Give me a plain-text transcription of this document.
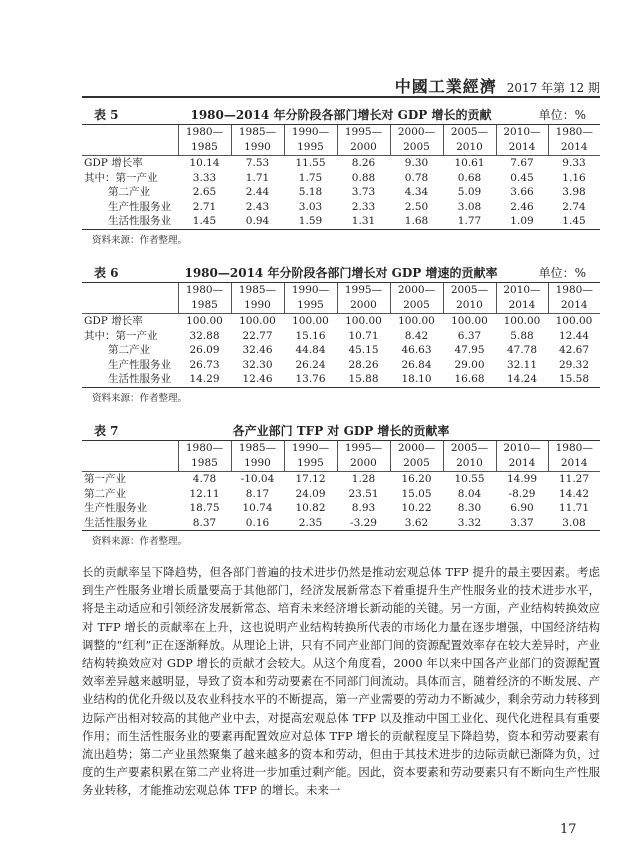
中國工業經濟 2017 年第 12 期
表 5	1980—2014 年分阶段各部门增长对 GDP 增长的贡献	单位：%
	1980—	1985—	1990—	1995—	2000—	2005—	2010—	1980—
	1985	1990	1995	2000	2005	2010	2014	2014
GDP 增长率	10.14	7.53	11.55	8.26	9.30	10.61	7.67	9.33
其中：第一产业	3.33	1.71	1.75	0.88	0.78	0.68	0.45	1.16
第二产业	2.65	2.44	5.18	3.73	4.34	5.09	3.66	3.98
生产性服务业	2.71	2.43	3.03	2.33	2.50	3.08	2.46	2.74
生活性服务业	1.45	0.94	1.59	1.31	1.68	1.77	1.09	1.45
资料来源：作者整理。
表 6	1980—2014 年分阶段各部门增长对 GDP 增速的贡献率	单位：%
	1980—	1985—	1990—	1995—	2000—	2005—	2010—	1980—
	1985	1990	1995	2000	2005	2010	2014	2014
GDP 增长率	100.00	100.00	100.00	100.00	100.00	100.00	100.00	100.00
其中：第一产业	32.88	22.77	15.16	10.71	8.42	6.37	5.88	12.44
第二产业	26.09	32.46	44.84	45.15	46.63	47.95	47.78	42.67
生产性服务业	26.73	32.30	26.24	28.26	26.84	29.00	32.11	29.32
生活性服务业	14.29	12.46	13.76	15.88	18.10	16.68	14.24	15.58
资料来源：作者整理。
表 7	各产业部门 TFP 对 GDP 增长的贡献率
	1980—	1985—	1990—	1995—	2000—	2005—	2010—	1980—
	1985	1990	1995	2000	2005	2010	2014	2014
第一产业	4.78	-10.04	17.12	1.28	16.20	10.55	14.99	11.27
第二产业	12.11	8.17	24.09	23.51	15.05	8.04	-8.29	14.42
生产性服务业	18.75	10.74	10.82	8.93	10.22	8.30	6.90	11.71
生活性服务业	8.37	0.16	2.35	-3.29	3.62	3.32	3.37	3.08
资料来源：作者整理。

长的贡献率呈下降趋势，但各部门普遍的技术进步仍然是推动宏观总体 TFP 提升的最主要因素。考虑到生产性服务业增长质量要高于其他部门，经济发展新常态下着重提升生产性服务业的技术进步水平，将是主动适应和引领经济发展新常态、培育未来经济增长新动能的关键。另一方面，产业结构转换效应对 TFP 增长的贡献率在上升，这也说明产业结构转换所代表的市场化力量在逐步增强，中国经济结构调整的“红利”正在逐渐释放。从理论上讲，只有不同产业部门间的资源配置效率存在较大差异时，产业结构转换效应对 GDP 增长的贡献才会较大。从这个角度看，2000 年以来中国各产业部门的资源配置效率差异越来越明显，导致了资本和劳动要素在不同部门间流动。具体而言，随着经济的不断发展、产业结构的优化升级以及农业科技水平的不断提高，第一产业需要的劳动力不断减少，剩余劳动力转移到边际产出相对较高的其他产业中去，对提高宏观总体 TFP 以及推动中国工业化、现代化进程具有重要作用；而生活性服务业的要素再配置效应对总体 TFP 增长的贡献程度呈下降趋势，资本和劳动要素有流出趋势；第二产业虽然聚集了越来越多的资本和劳动，但由于其技术进步的边际贡献已渐降为负，过度的生产要素积累在第二产业将进一步加重过剩产能。因此，资本要素和劳动要素只有不断向生产性服务业转移，才能推动宏观总体 TFP 的增长。未来一

17
